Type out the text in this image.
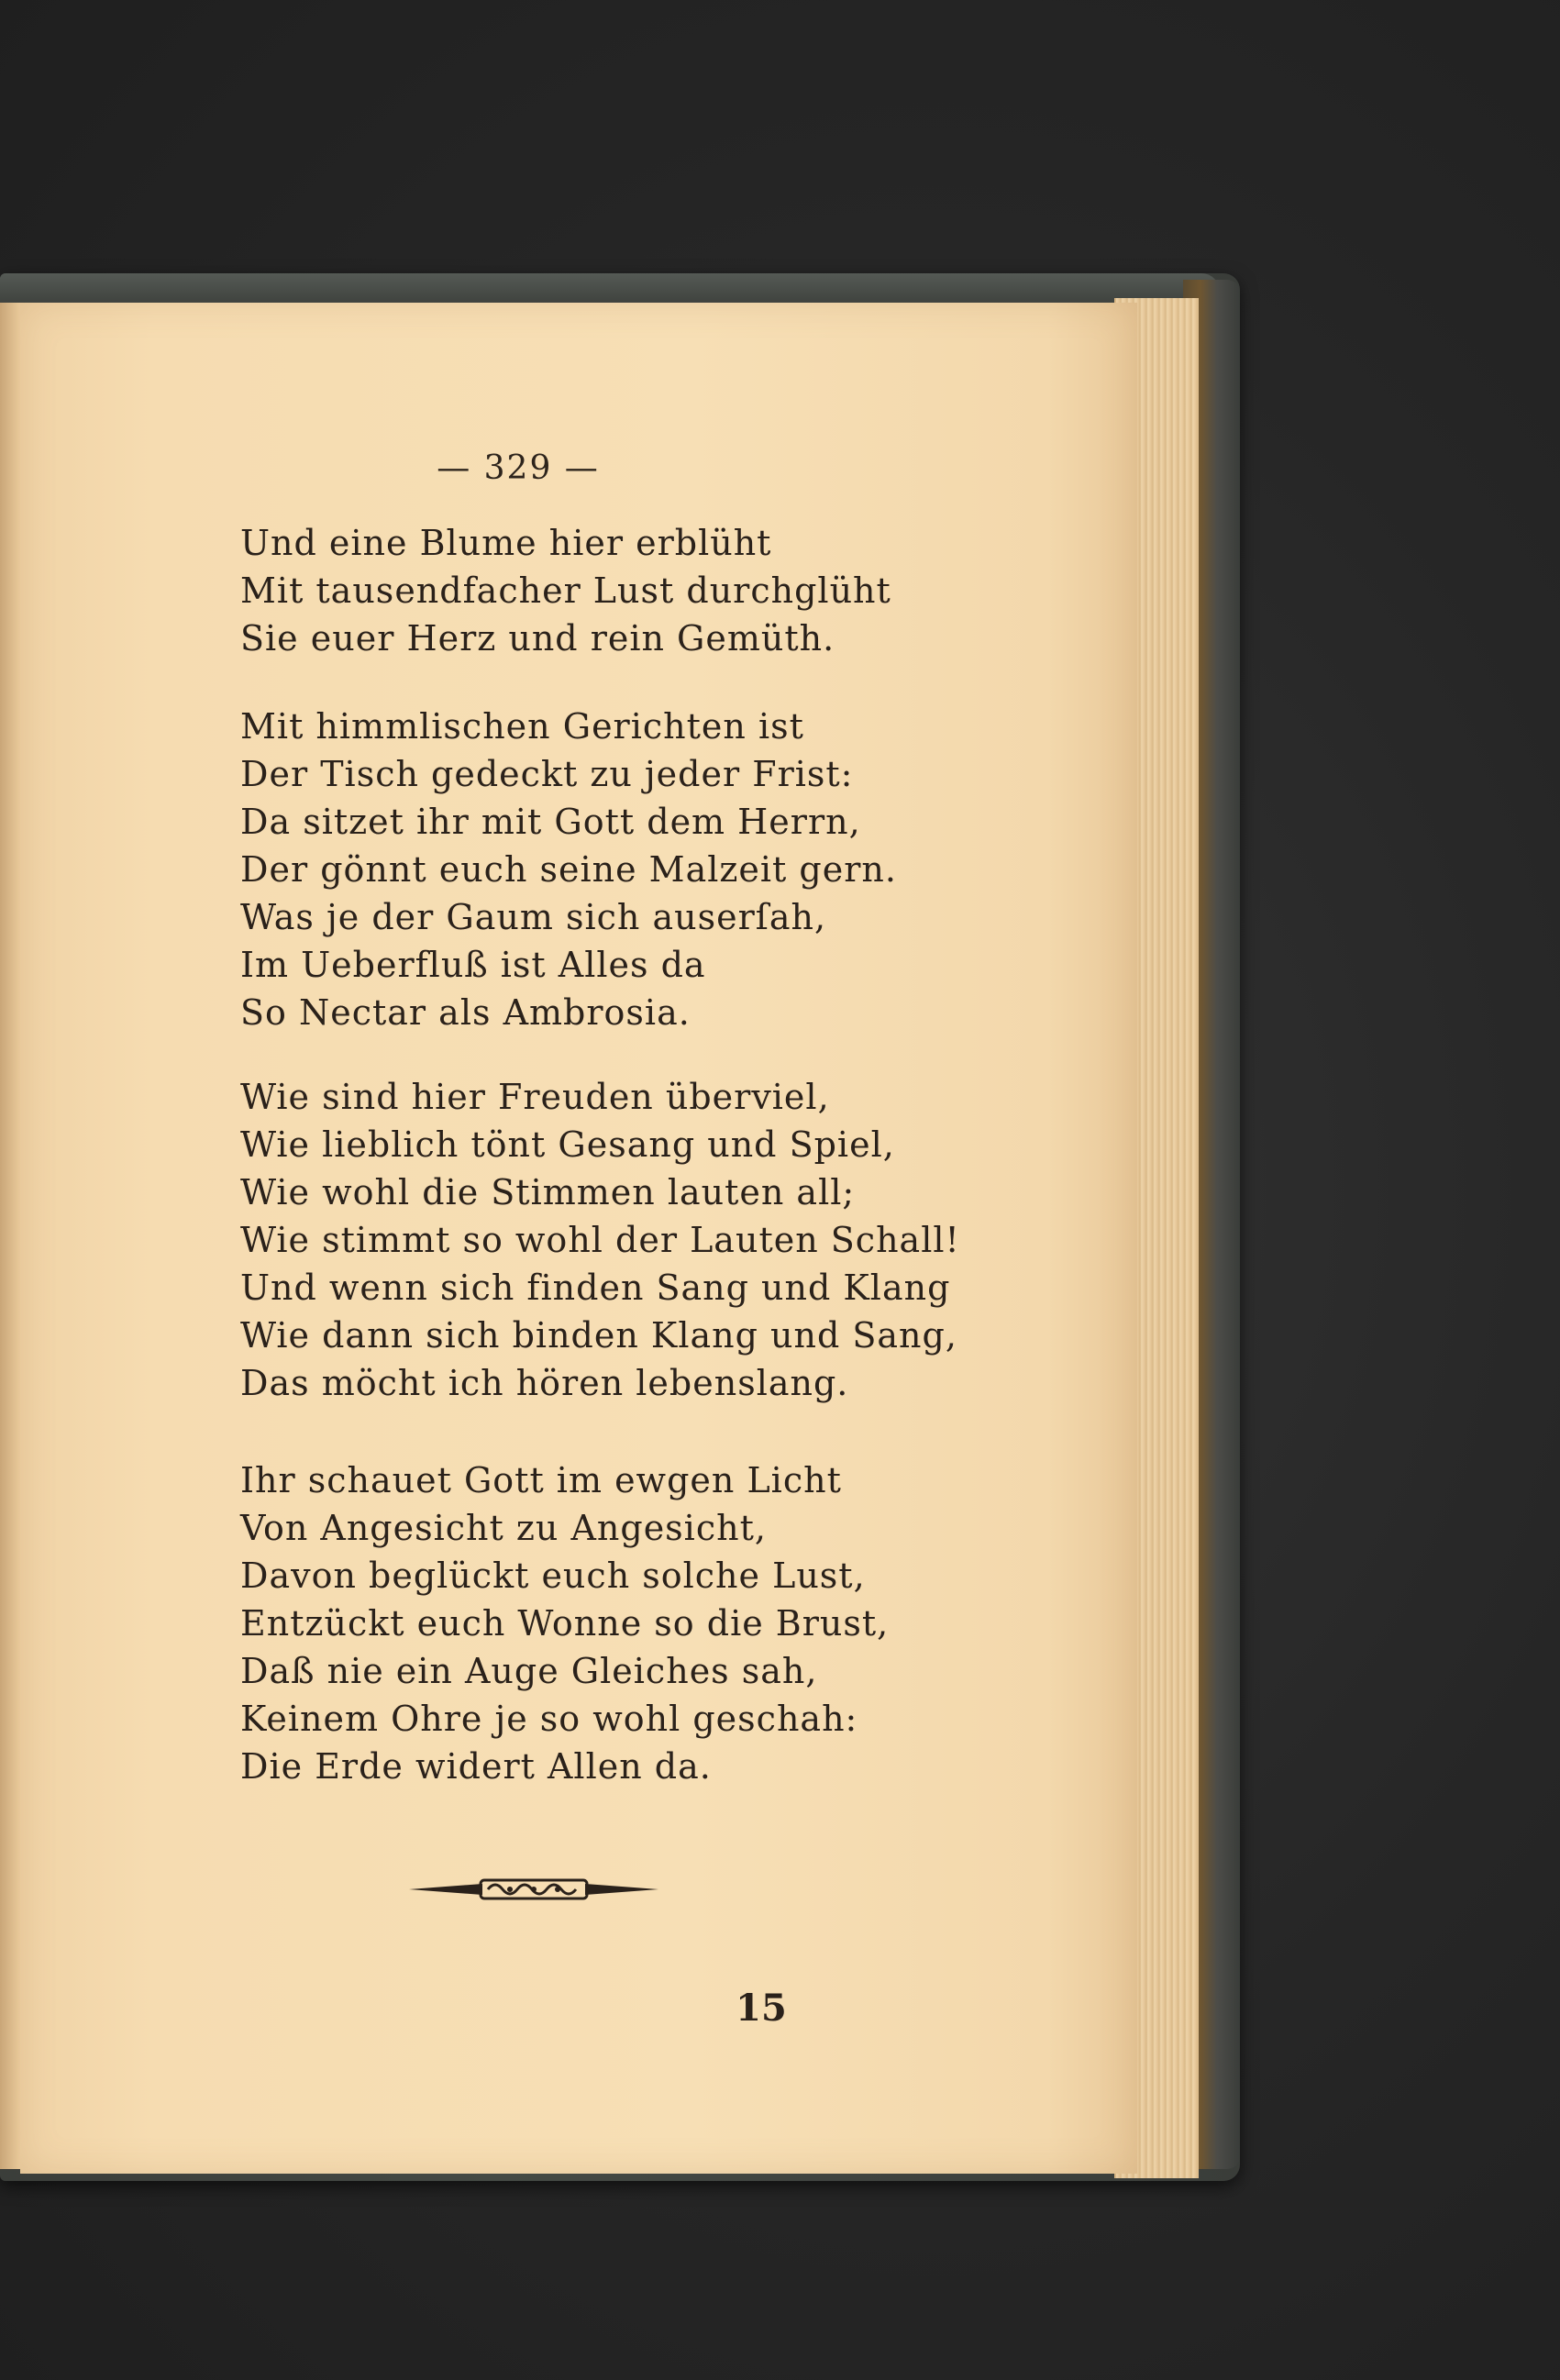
— 329 —
Und eine Blume hier erblüht
Mit tausendfacher Lust durchglüht
Sie euer Herz und rein Gemüth.
Mit himmlischen Gerichten ist
Der Tisch gedeckt zu jeder Frist:
Da sitzet ihr mit Gott dem Herrn,
Der gönnt euch seine Malzeit gern.
Was je der Gaum sich auserſah,
Im Ueberfluß ist Alles da
So Nectar als Ambrosia.
Wie sind hier Freuden überviel,
Wie lieblich tönt Gesang und Spiel,
Wie wohl die Stimmen lauten all;
Wie stimmt so wohl der Lauten Schall!
Und wenn sich finden Sang und Klang
Wie dann sich binden Klang und Sang,
Das möcht ich hören lebenslang.
Ihr schauet Gott im ewgen Licht
Von Angesicht zu Angesicht,
Davon beglückt euch solche Lust,
Entzückt euch Wonne so die Brust,
Daß nie ein Auge Gleiches sah,
Keinem Ohre je so wohl geschah:
Die Erde widert Allen da.
15
